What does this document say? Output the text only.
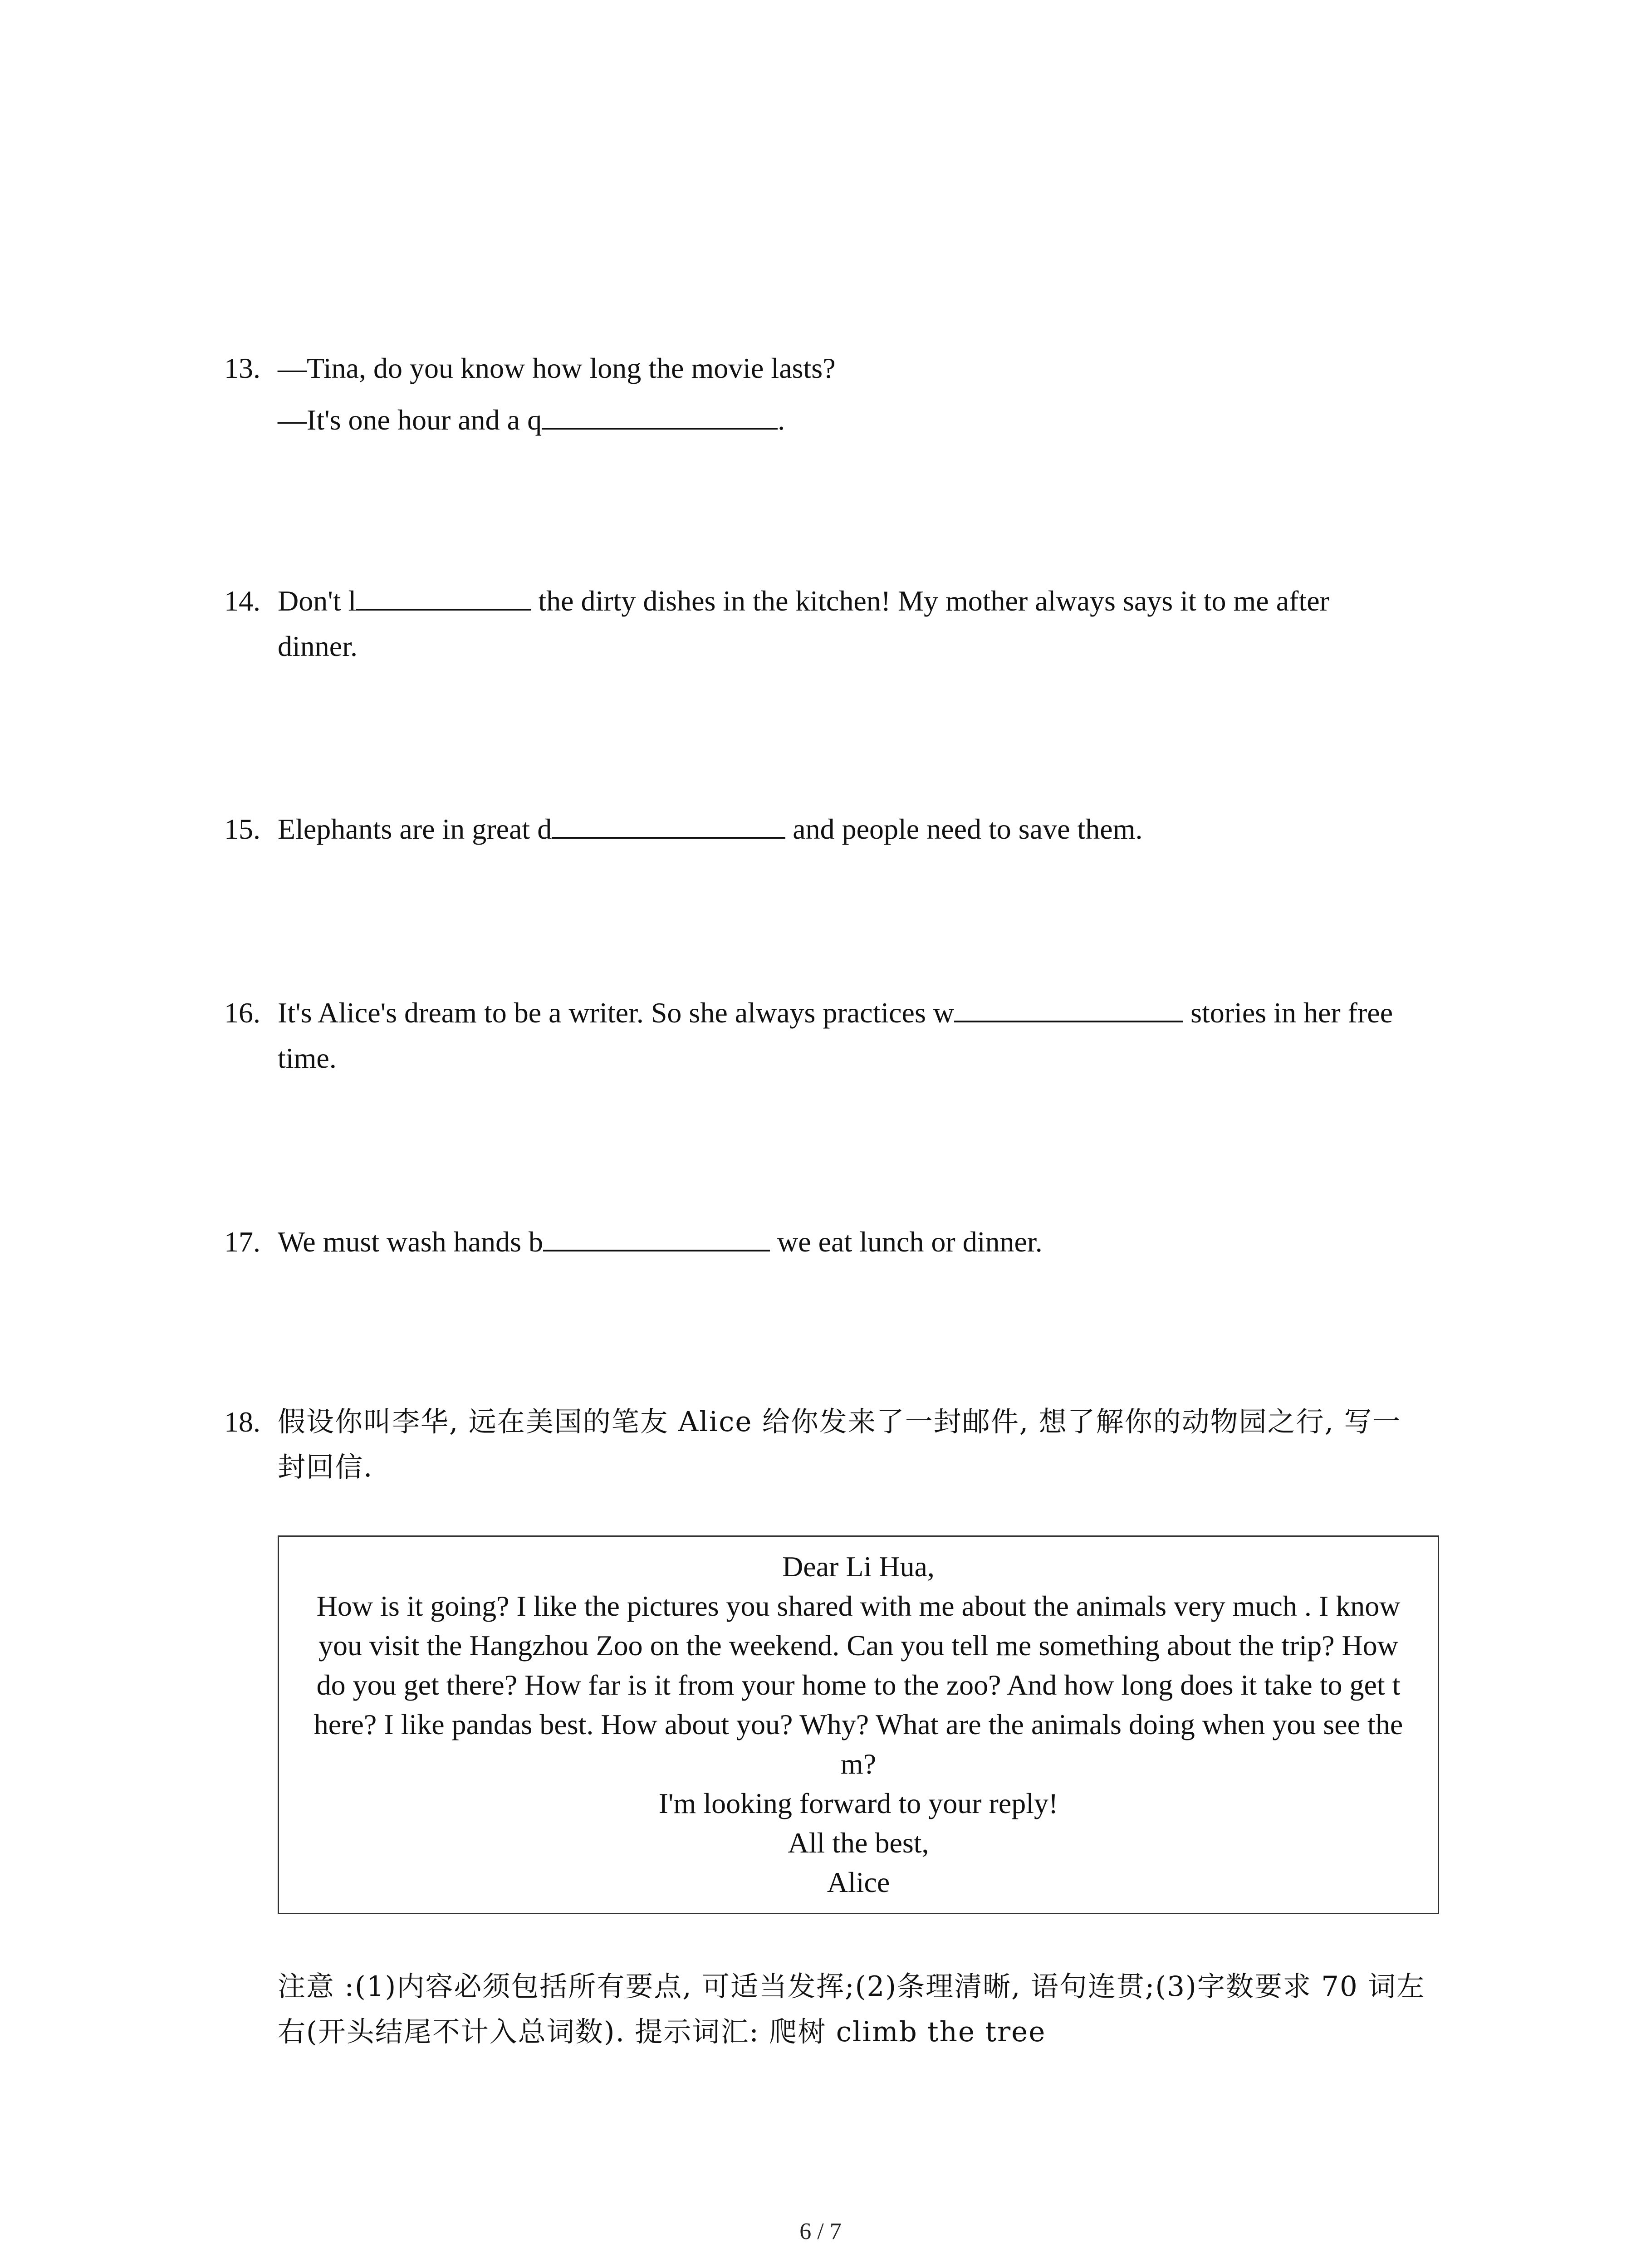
13. —Tina, do you know how long the movie lasts?
—It's one hour and a q	.
14. Don't l	the dirty dishes in the kitchen! My mother always says it to me after
dinner.
15. Elephants are in great d	and people need to save them.
16. It's Alice's dream to be a writer. So she always practices w	stories in her free
time.
17. We must wash hands b	we eat lunch or dinner.
18. 假设你叫李华, 远在美国的笔友 Alice 给你发来了一封邮件, 想了解你的动物园之行, 写一
封回信.
Dear Li Hua,
How is it going? I like the pictures you shared with me about the animals very much . I know
you visit the Hangzhou Zoo on the weekend. Can you tell me something about the trip? How
do you get there? How far is it from your home to the zoo? And how long does it take to get t
here? I like pandas best. How about you? Why? What are the animals doing when you see the
m?
I'm looking forward to your reply!
All the best,
Alice
注意 :(1)内容必须包括所有要点, 可适当发挥;(2)条理清晰, 语句连贯;(3)字数要求 70 词左
右(开头结尾不计入总词数). 提示词汇: 爬树 climb the tree
6 / 7
